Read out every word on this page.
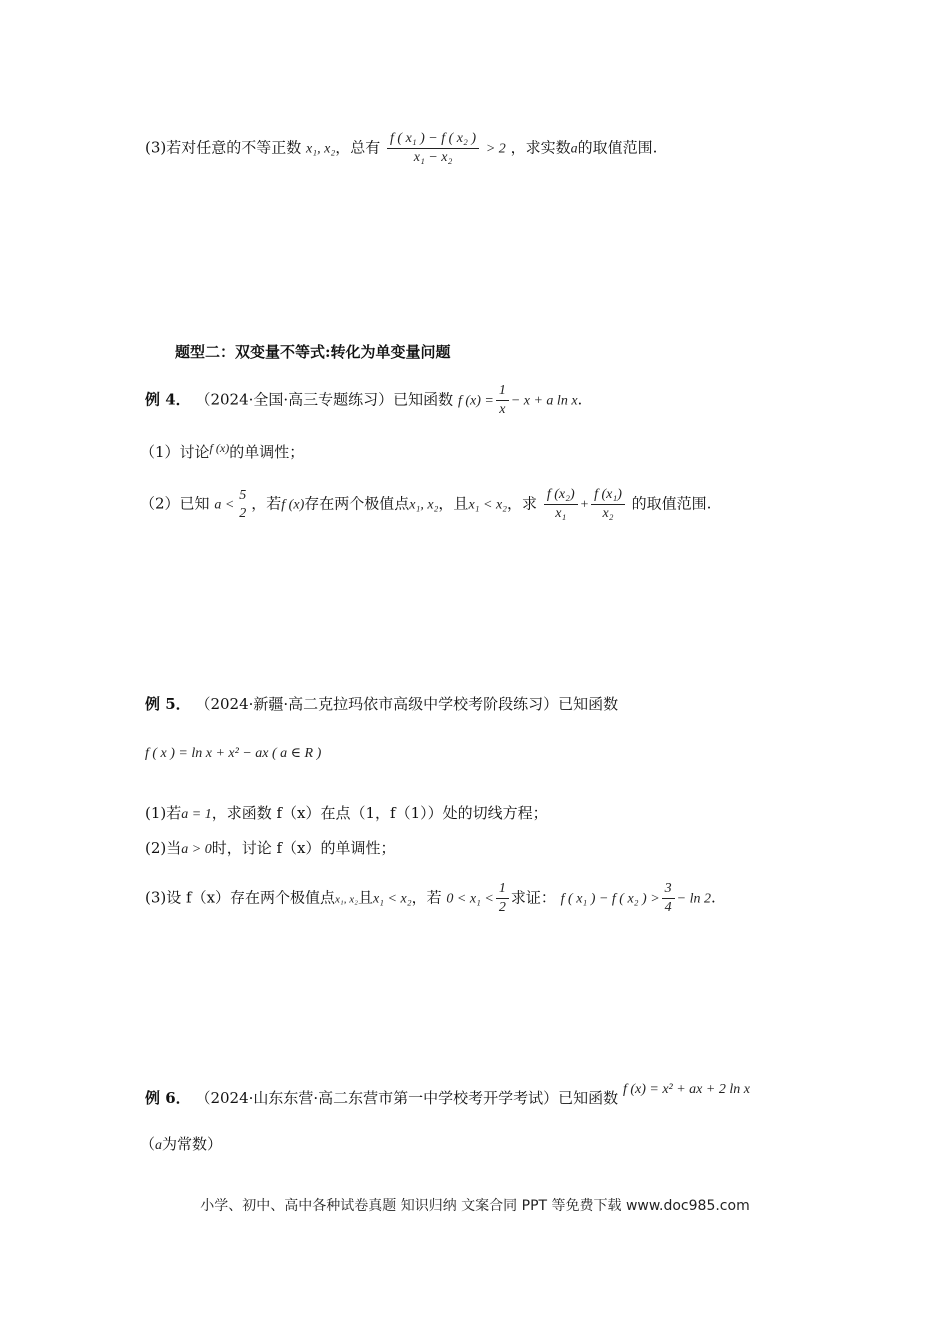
(3)若对任意的不等正数 x₁, x₂，总有 $\frac{\text{f ( x₁ ) − f ( x₂ )}}{\text{x₁ − x₂}} > 2$ ，求实数a的取值范围.
题型二：双变量不等式:转化为单变量问题
例 4． （2024·全国·高三专题练习）已知函数 f $(x) = \frac{1}{x} - x + a$ ln x.
（1）讨论$^{f (x)}$的单调性；
（2）已知 a <
5
2
，若f (x)存在两个极值点x₁, x₂，且x₁ < x₂，求 $\frac{\text{f (x₂)}}{\text{x₁}} + \frac{\text{f (x₁)}}{\text{x₂}}$ 的取值范围.
例 5． （2024·新疆·高二克拉玛依市高级中学校考阶段练习）已知函数
f ( x ) = ln x + x² − ax ( a ∈ R )
(1)若a = 1，求函数 f（x）在点（1，f（1））处的切线方程；
(2)当a > 0时，讨论 f（x）的单调性；
(3)设 f（x）存在两个极值点x₁, x₂且x₁ < x₂，若 $0 < x_1 < \frac{1}{2}$ 求证： f ( x₁ ) − f ( x₂ ) > $\frac{3}{4} - \ln 2$.
例 6． （2024·山东东营·高二东营市第一中学校考开学考试）已知函数 f (x) = x² + ax + 2 ln x
（a为常数）
小学、初中、高中各种试卷真题 知识归纳 文案合同 PPT 等免费下载 www.doc985.com
